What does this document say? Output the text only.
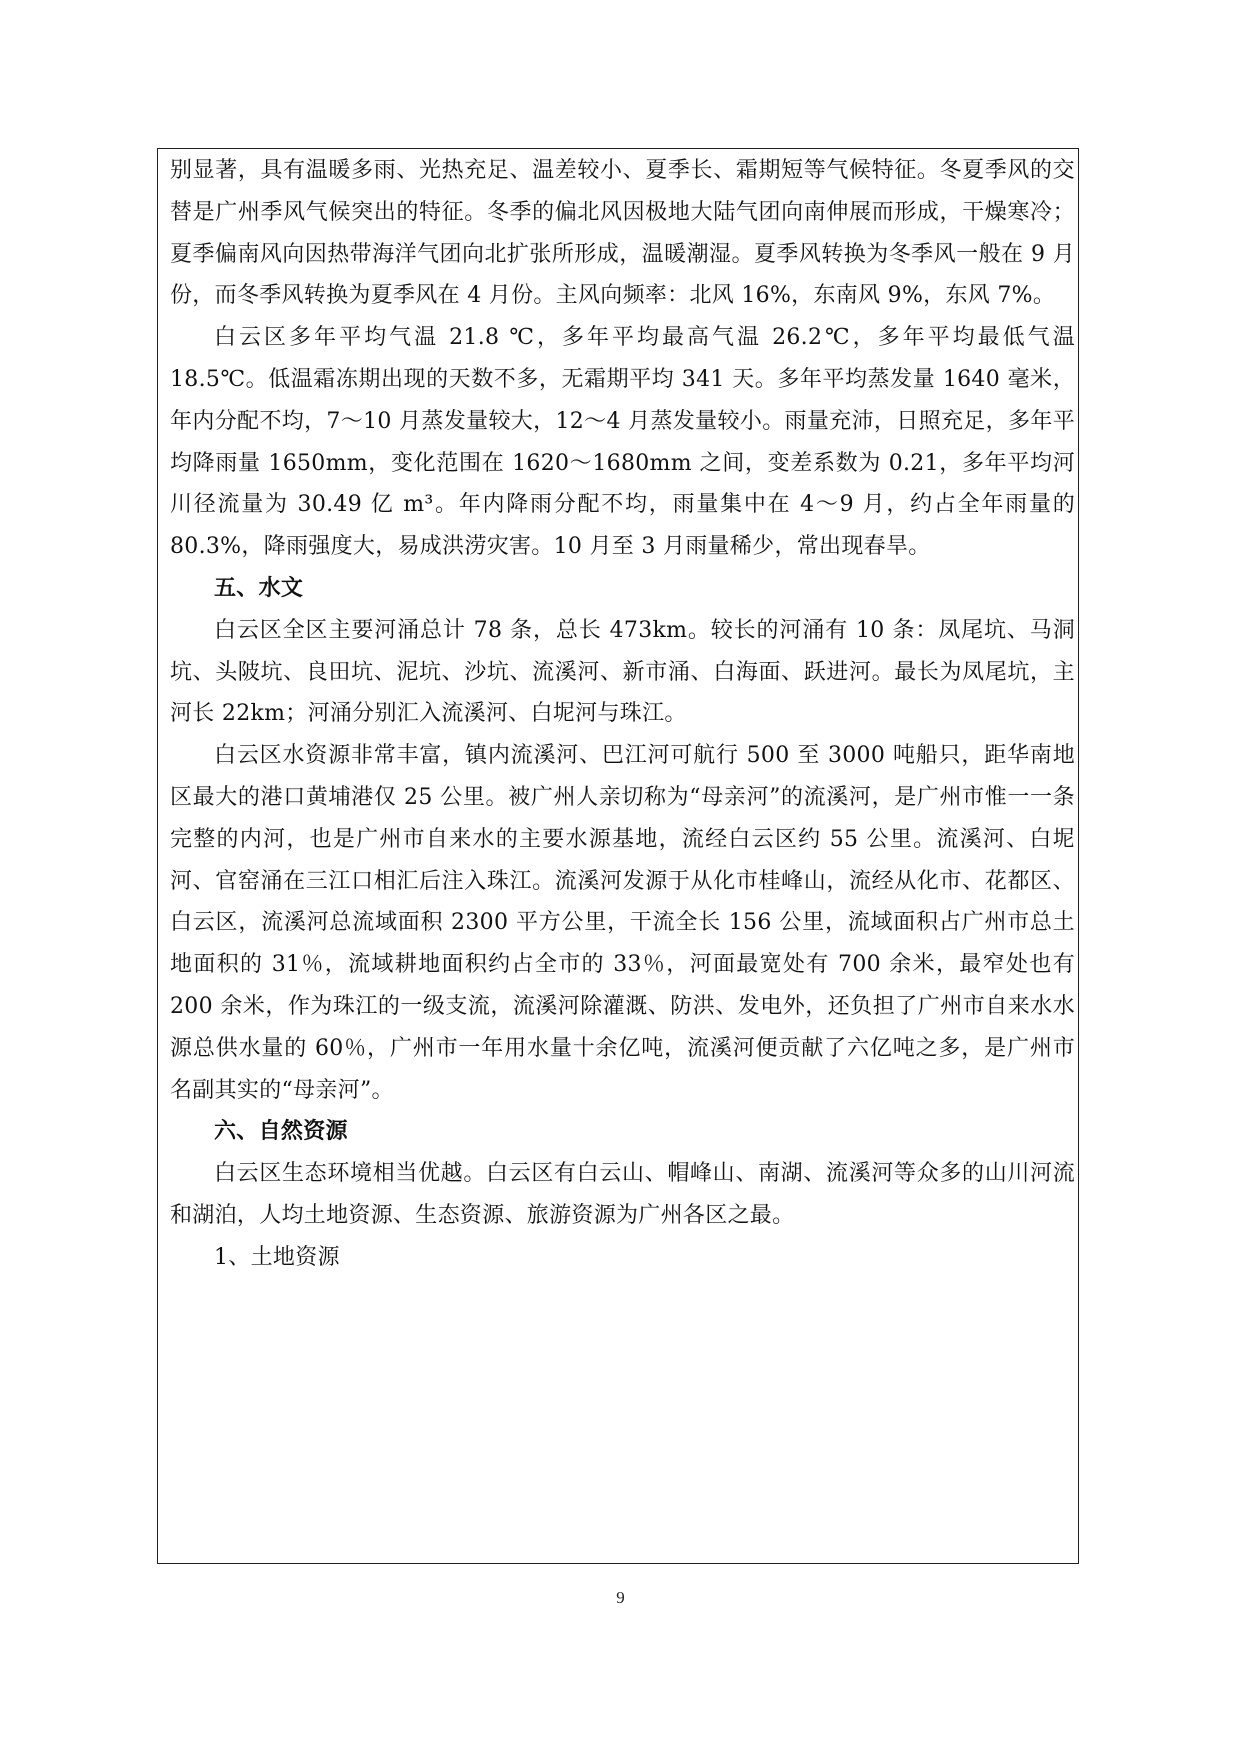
别显著，具有温暖多雨、光热充足、温差较小、夏季长、霜期短等气候特征。冬夏季风的交替是广州季风气候突出的特征。冬季的偏北风因极地大陆气团向南伸展而形成，干燥寒冷；夏季偏南风向因热带海洋气团向北扩张所形成，温暖潮湿。夏季风转换为冬季风一般在 9 月份，而冬季风转换为夏季风在 4 月份。主风向频率：北风 16%，东南风 9%，东风 7%。

白云区多年平均气温 21.8 ℃，多年平均最高气温 26.2℃，多年平均最低气温 18.5℃。低温霜冻期出现的天数不多，无霜期平均 341 天。多年平均蒸发量 1640 毫米，年内分配不均，7～10 月蒸发量较大，12～4 月蒸发量较小。雨量充沛，日照充足，多年平均降雨量 1650mm，变化范围在 1620～1680mm 之间，变差系数为 0.21，多年平均河川径流量为 30.49 亿 m³。年内降雨分配不均，雨量集中在 4～9 月，约占全年雨量的 80.3%，降雨强度大，易成洪涝灾害。10 月至 3 月雨量稀少，常出现春旱。

五、水文

白云区全区主要河涌总计 78 条，总长 473km。较长的河涌有 10 条：凤尾坑、马洞坑、头陂坑、良田坑、泥坑、沙坑、流溪河、新市涌、白海面、跃进河。最长为凤尾坑，主河长 22km；河涌分别汇入流溪河、白坭河与珠江。

白云区水资源非常丰富，镇内流溪河、巴江河可航行 500 至 3000 吨船只，距华南地区最大的港口黄埔港仅 25 公里。被广州人亲切称为“母亲河”的流溪河，是广州市惟一一条完整的内河，也是广州市自来水的主要水源基地，流经白云区约 55 公里。流溪河、白坭河、官窑涌在三江口相汇后注入珠江。流溪河发源于从化市桂峰山，流经从化市、花都区、白云区，流溪河总流域面积 2300 平方公里，干流全长 156 公里，流域面积占广州市总土地面积的 31％，流域耕地面积约占全市的 33％，河面最宽处有 700 余米，最窄处也有 200 余米，作为珠江的一级支流，流溪河除灌溉、防洪、发电外，还负担了广州市自来水水源总供水量的 60％，广州市一年用水量十余亿吨，流溪河便贡献了六亿吨之多，是广州市名副其实的“母亲河”。

六、自然资源

白云区生态环境相当优越。白云区有白云山、帽峰山、南湖、流溪河等众多的山川河流和湖泊，人均土地资源、生态资源、旅游资源为广州各区之最。

1、土地资源

9
